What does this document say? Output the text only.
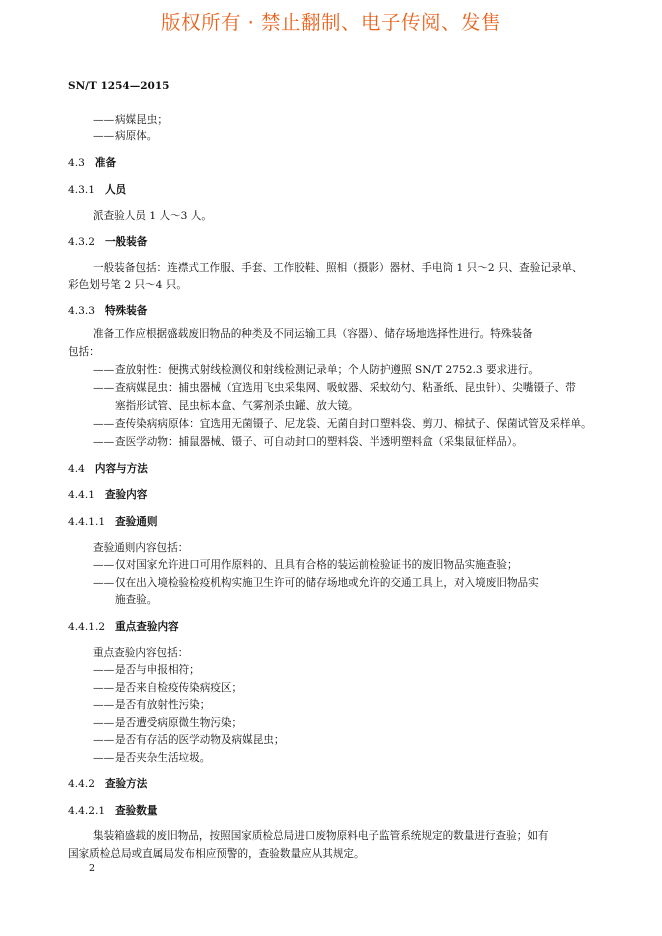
版权所有 · 禁止翻制、电子传阅、发售
SN/T 1254—2015
——病媒昆虫；
——病原体。
4.3 准备
4.3.1 人员
派查验人员 1 人～3 人。
4.3.2 一般装备
一般装备包括：连襟式工作服、手套、工作胶鞋、照相（摄影）器材、手电筒 1 只～2 只、查验记录单、
彩色划号笔 2 只～4 只。
4.3.3 特殊装备
准备工作应根据盛载废旧物品的种类及不同运输工具（容器）、储存场地选择性进行。特殊装备
包括：
——查放射性：便携式射线检测仪和射线检测记录单；个人防护遵照 SN/T 2752.3 要求进行。
——查病媒昆虫：捕虫器械（宜选用飞虫采集网、吸蚊器、采蚊幼勺、粘蚤纸、昆虫针）、尖嘴镊子、带
塞指形试管、昆虫标本盒、气雾剂杀虫罐、放大镜。
——查传染病病原体：宜选用无菌镊子、尼龙袋、无菌自封口塑料袋、剪刀、棉拭子、保菌试管及采样单。
——查医学动物：捕鼠器械、镊子、可自动封口的塑料袋、半透明塑料盒（采集鼠征样品）。
4.4 内容与方法
4.4.1 查验内容
4.4.1.1 查验通则
查验通则内容包括：
——仅对国家允许进口可用作原料的、且具有合格的装运前检验证书的废旧物品实施查验；
——仅在出入境检验检疫机构实施卫生许可的储存场地或允许的交通工具上，对入境废旧物品实
施查验。
4.4.1.2 重点查验内容
重点查验内容包括：
——是否与申报相符；
——是否来自检疫传染病疫区；
——是否有放射性污染；
——是否遭受病原微生物污染；
——是否有存活的医学动物及病媒昆虫；
——是否夹杂生活垃圾。
4.4.2 查验方法
4.4.2.1 查验数量
集装箱盛载的废旧物品，按照国家质检总局进口废物原料电子监管系统规定的数量进行查验；如有
国家质检总局或直属局发布相应预警的，查验数量应从其规定。
2
